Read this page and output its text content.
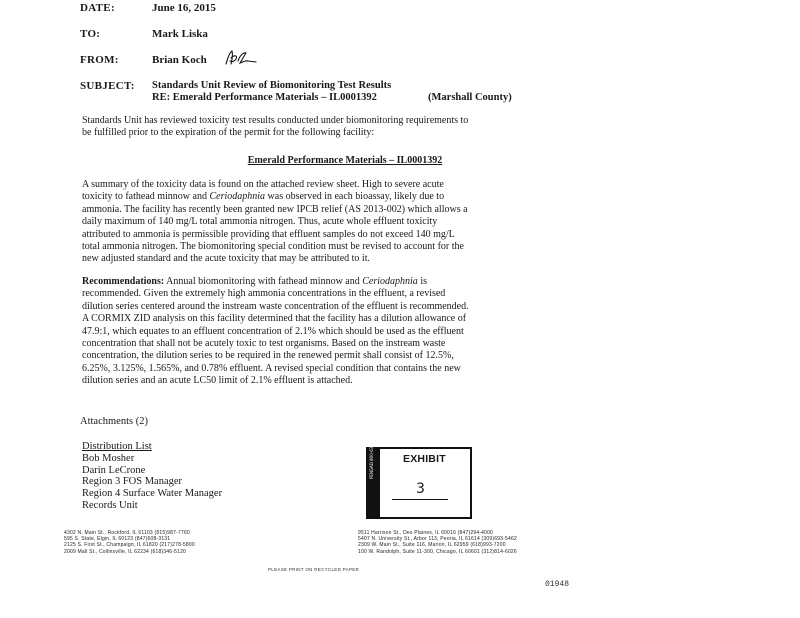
DATE:	June 16, 2015
TO:	Mark Liska
FROM:	Brian Koch
SUBJECT: Standards Unit Review of Biomonitoring Test Results
RE: Emerald Performance Materials – IL0001392	(Marshall County)
Standards Unit has reviewed toxicity test results conducted under biomonitoring requirements to
be fulfilled prior to the expiration of the permit for the following facility:
Emerald Performance Materials – IL0001392
A summary of the toxicity data is found on the attached review sheet. High to severe acute
toxicity to fathead minnow and Ceriodaphnia was observed in each bioassay, likely due to
ammonia. The facility has recently been granted new IPCB relief (AS 2013-002) which allows a
daily maximum of 140 mg/L total ammonia nitrogen. Thus, acute whole effluent toxicity
attributed to ammonia is permissible providing that effluent samples do not exceed 140 mg/L
total ammonia nitrogen. The biomonitoring special condition must be revised to account for the
new adjusted standard and the acute toxicity that may be attributed to it.
Recommendations: Annual biomonitoring with fathead minnow and Ceriodaphnia is
recommended. Given the extremely high ammonia concentrations in the effluent, a revised
dilution series centered around the instream waste concentration of the effluent is recommended.
A CORMIX ZID analysis on this facility determined that the facility has a dilution allowance of
47.9:1, which equates to an effluent concentration of 2.1% which should be used as the effluent
concentration that shall not be acutely toxic to test organisms. Based on the instream waste
concentration, the dilution series to be required in the renewed permit shall consist of 12.5%,
6.25%, 3.125%, 1.565%, and 0.78% effluent. A revised special condition that contains the new
dilution series and an acute LC50 limit of 2.1% effluent is attached.
Attachments (2)
Distribution List
Bob Mosher
Darin LeCrone
Region 3 FOS Manager
Region 4 Surface Water Manager
Records Unit
PENGAD 800-631-6989	EXHIBIT
3
4302 N. Main St., Rockford, IL 61103 (815)987-7760
595 S. State, Elgin, IL 60123 (847)608-3131
2125 S. First St., Champaign, IL 61820 (217)278-5800
2009 Mall St., Collinsville, IL 62234 (618)346-5120
9511 Harrison St., Des Plaines, IL 60016 (847)294-4000
5407 N. University St., Arbor 113, Peoria, IL 61614 (309)693-5462
2309 W. Main St., Suite 116, Marion, IL 62959 (618)993-7200
100 W. Randolph, Suite 11-300, Chicago, IL 60601 (312)814-6026
PLEASE PRINT ON RECYCLED PAPER
01948
